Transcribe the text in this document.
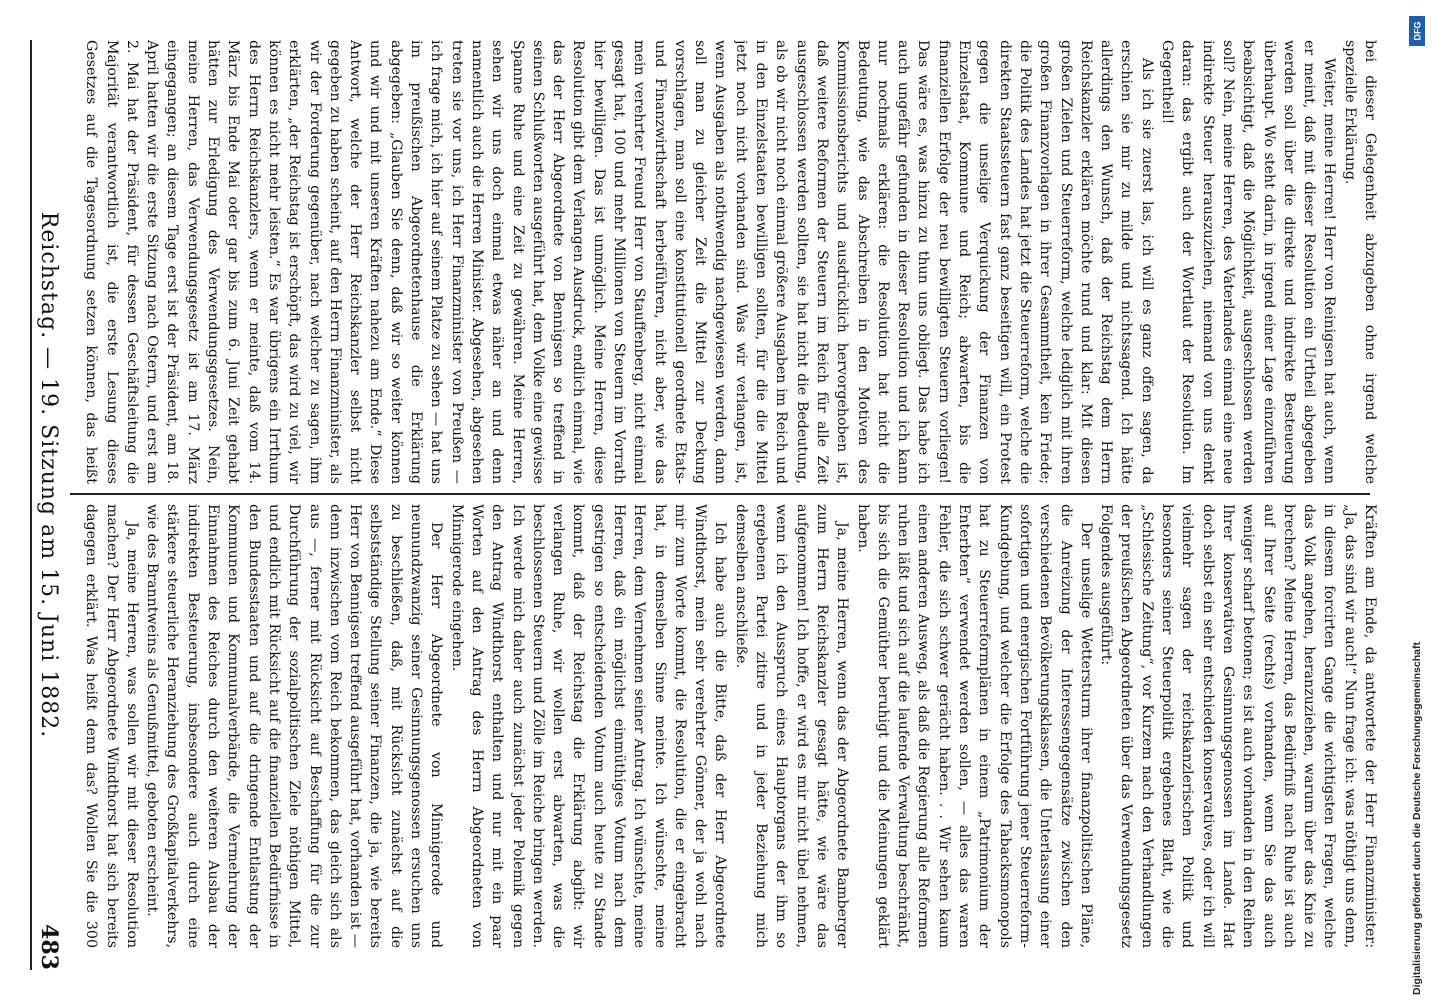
bei dieser Gelegenheit abzugeben ohne irgend welche spezielle Erklärung.

Weiter, meine Herren! Herr von Reinigsen hat auch, wenn er meint, daß mit dieser Resolution ein Urtheil abgegeben werden soll über die direkte und indirekte Besteuerung überhaupt. Wo steht darin, in irgend einer Lage einzuführen beabsichtigt, daß die Möglichkeit, ausgeschlossen werden soll? Nein, meine Herren, des Vaterlandes einmal eine neue indirekte Steuer herauszuziehen, niemand von uns denkt daran: das ergibt auch der Wortlaut der Resolution. Im Gegentheil!

Als ich sie zuerst las, ich will es ganz offen sagen, da erschien sie mir zu milde und nichtssagend. Ich hätte allerdings den Wunsch, daß der Reichstag dem Herrn Reichskanzler erklären möchte rund und klar: Mit diesen großen Zielen und Steuerreform, welche lediglich mit ihren großen Finanzvorlagen in ihrer Gesammtheit, kein Friede; die Politik des Landes hat jetzt die Steuerreform, welche die direkten Staatssteuern fast ganz beseitigen will, ein Protest gegen die unselige Verquickung der Finanzen von Einzelstaat, Kommune und Reich; abwarten, bis die finanziellen Erfolge der neu bewilligten Steuern vorliegen! Das wäre es, was hinzu zu thun uns obliegt. Das habe ich auch ungefähr gefunden in dieser Resolution und ich kann nur nochmals erklären: die Resolution hat nicht die Bedeutung, wie das Abschreiben in den Motiven des Kommissionsberichts und ausdrücklich hervorgehoben ist, daß weitere Reformen der Steuern im Reich für alle Zeit ausgeschlossen werden sollten, sie hat nicht die Bedeutung, als ob wir nicht noch einmal größere Ausgaben im Reich und in den Einzelstaaten bewilligen sollten, für die die Mittel jetzt noch nicht vorhanden sind. Was wir verlangen, ist, wenn Ausgaben als nothwendig nachgewiesen werden, dann soll man zu gleicher Zeit die Mittel zur Deckung vorschlagen, man soll eine konstitutionell geordnete Etats- und Finanzwirthschaft herbeiführen, nicht aber, wie das mein verehrter Freund Herr von Stauffenberg, nicht einmal gesagt hat, 100 und mehr Millionen von Steuern im Vorrath hier bewilligen. Das ist unmöglich. Meine Herren, diese Resolution gibt dem Verlangen Ausdruck, endlich einmal, wie das der Herr Abgeordnete von Bennigsen so treffend in seinen Schlußworten ausgeführt hat, dem Volke eine gewisse Spanne Ruhe und eine Zeit zu gewähren. Meine Herren, sehen wir uns doch einmal etwas näher an und denn namentlich auch die Herren Minister. Abgesehen, abgesehen treten sie vor uns, ich Herr Finanzminister von Preußen — ich frage mich, ich hier auf seinem Platze zu sehen — hat uns im preußischen Abgeordnetenhause die Erklärung abgegeben: „Glauben Sie denn, daß wir so weiter können und wir und mit unseren Kräften nahezu am Ende.“ Diese Antwort, welche der Herr Reichskanzler selbst nicht gegeben zu haben scheint, auf den Herrn Finanzminister, als wir der Forderung gegenüber, nach welcher zu sagen, ihm erklärten, „der Reichstag ist erschöpft, das wird zu viel, wir können es nicht mehr leisten.“ Es war übrigens ein Irrthum des Herrn Reichskanzlers, wenn er meinte, daß vom 14. März bis Ende Mai oder gar bis zum 6. Juni Zeit gehabt hätten zur Erledigung des Verwendungsgesetzes. Nein, meine Herren, das Verwendungsgesetz ist am 17. März eingegangen; an diesem Tage erst ist der Präsident, am 18. April hatten wir die erste Sitzung nach Ostern, und erst am 2. Mai hat der Präsident, für dessen Geschäftsleitung die Majorität verantwortlich ist, die erste Lesung dieses Gesetzes auf die Tagesordnung setzen können, das heißt

Kräften am Ende, da antwortete der Herr Finanzminister: „Ja, das sind wir auch!“ Nun frage ich: was nöthigt uns denn, in diesem forcirten Gange die wichtigsten Fragen, welche das Volk angehen, heranzuziehen, warum über das Knie zu brechen? Meine Herren, das Bedürfniß nach Ruhe ist auch auf Ihrer Seite (rechts) vorhanden, wenn Sie das auch weniger scharf betonen; es ist auch vorhanden in den Reihen Ihrer konservativen Gesinnungsgenossen im Lande. Hat doch selbst ein sehr entschieden konservatives, oder ich will vielmehr sagen der reichskanzlerischen Politik und besonders seiner Steuerpolitik ergebenes Blatt, wie die „Schlesische Zeitung“, vor Kurzem nach den Verhandlungen der preußischen Abgeordneten über das Verwendungsgesetz Folgendes ausgeführt:

Der unselige Wettersturm ihrer finanzpolitischen Pläne, die Anreizung der Interessengegensätze zwischen den verschiedenen Bevölkerungsklassen, die Unterlassung einer sofortigen und energischen Fortführung jener Steuerreform-Kundgebung, und welcher die Erfolge des Tabacksmonopols hat zu Steuerreformplänen in einem „Patrimonium der Enterbten“ verwendet werden sollen, — alles das waren Fehler, die sich schwer gerächt haben. . . Wir sehen kaum einen anderen Ausweg, als daß die Regierung alle Reformen ruhen läßt und sich auf die laufende Verwaltung beschränkt, bis sich die Gemüther beruhigt und die Meinungen geklärt haben.

Ja, meine Herren, wenn das der Abgeordnete Bamberger zum Herrn Reichskanzler gesagt hätte, wie wäre das aufgenommen! Ich hoffe, er wird es mir nicht übel nehmen, wenn ich den Ausspruch eines Hauptorgans der ihm so ergebenen Partei zitire und in jeder Beziehung mich demselben anschließe.

Ich habe auch die Bitte, daß der Herr Abgeordnete Windthorst, mein sehr verehrter Gönner, der ja wohl nach mir zum Worte kommt, die Resolution, die er eingebracht hat, in demselben Sinne meinte. Ich wünschte, meine Herren, dem Vernehmen seiner Antrag. Ich wünschte, meine Herren, daß ein möglichst einmüthiges Votum nach dem gestrigen so entscheidenden Votum auch heute zu Stande kommt, daß der Reichstag die Erklärung abgibt: wir verlangen Ruhe, wir wollen erst abwarten, was die beschlossenen Steuern und Zölle im Reiche bringen werden. Ich werde mich daher auch zunächst jeder Polemik gegen den Antrag Windthorst enthalten und nur mit ein paar Worten auf den Antrag des Herrn Abgeordneten von Minnigerode eingehen.

Der Herr Abgeordnete von Minnigerode und neunundzwanzig seiner Gesinnungsgenossen ersuchen uns zu beschließen, daß, mit Rücksicht zunächst auf die selbstständige Stellung seiner Finanzen, die ja, wie bereits Herr von Bennigsen treffend ausgeführt hat, vorhanden ist — denn inzwischen vom Reich bekommen, das gleich sich als aus —, ferner mit Rücksicht auf Beschaffung für die zur Durchführung der sozialpolitischen Ziele nöthigen Mittel, und endlich mit Rücksicht auf die finanziellen Bedürfnisse in den Bundesstaaten und auf die dringende Entlastung der Kommunen und Kommunalverbände, die Vermehrung der Einnahmen des Reiches durch den weiteren Ausbau der indirekten Besteuerung, insbesondere auch durch eine stärkere steuerliche Heranziehung des Großkapitalverkehrs, wie des Branntweins als Genußmittel, geboten erscheint.

Ja, meine Herren, was sollen wir mit dieser Resolution machen? Der Herr Abgeordnete Windthorst hat sich bereits dagegen erklärt. Was heißt denn das? Wollen Sie die 300

Reichstag. — 19. Sitzung am 15. Juni 1882.
483
DFG
Digitalisierung gefördert durch die Deutsche Forschungsgemeinschaft
